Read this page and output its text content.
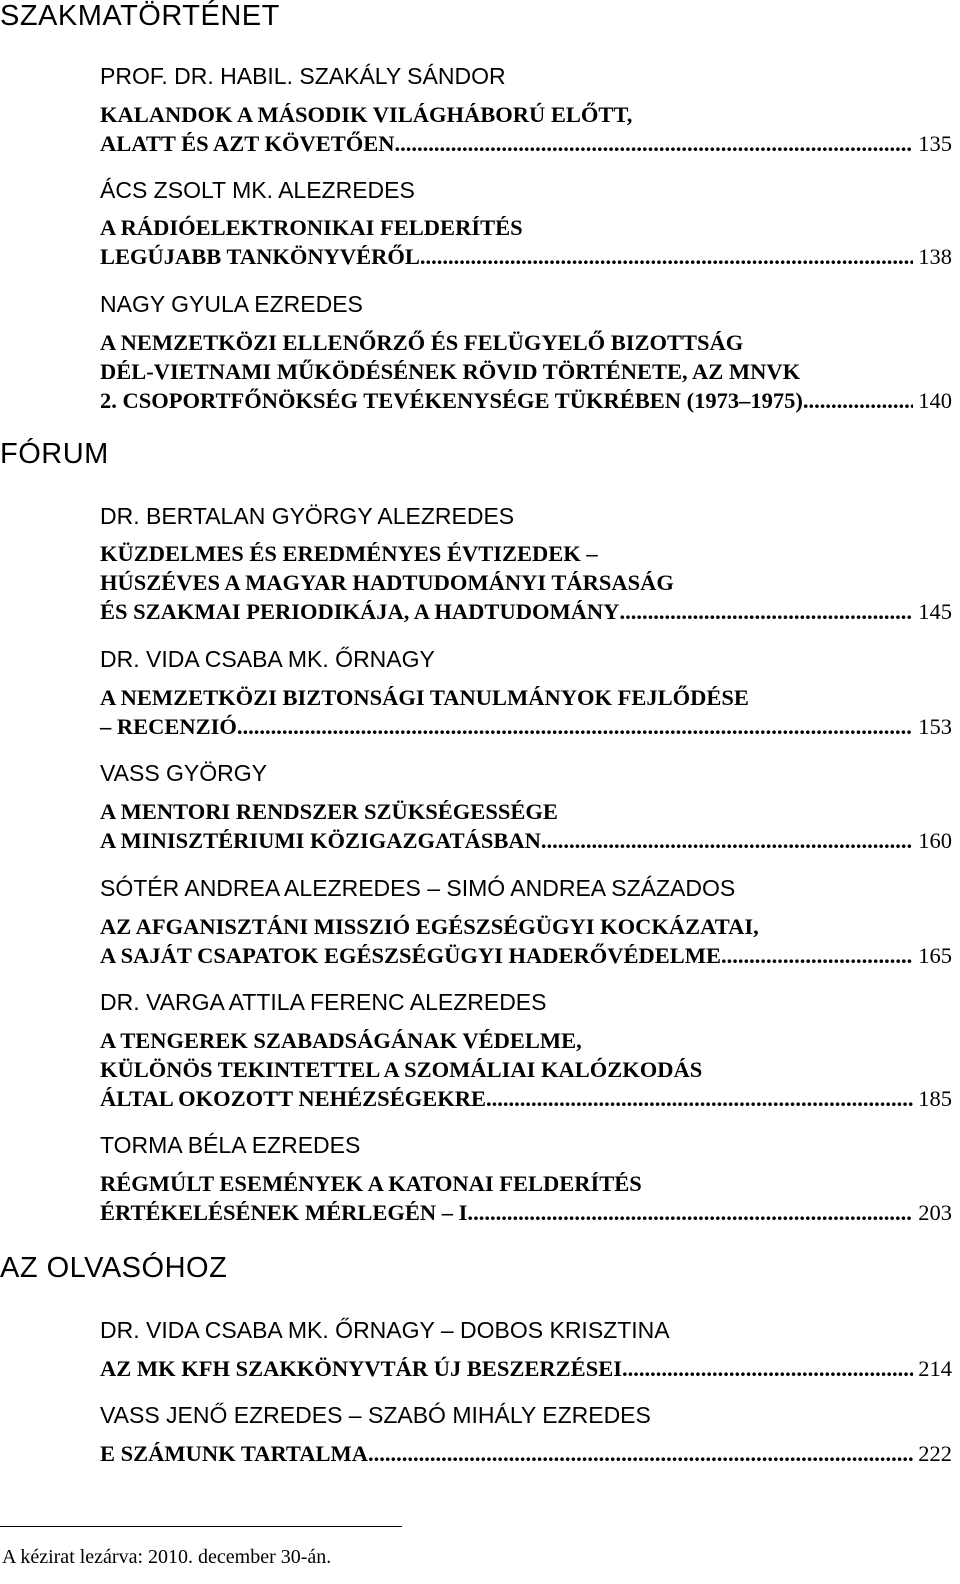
SZAKMATÖRTÉNET
FÓRUM
AZ OLVASÓHOZ
PROF. DR. HABIL. SZAKÁLY SÁNDOR
KALANDOK A MÁSODIK VILÁGHÁBORÚ ELŐTT,
ALATT ÉS AZT KÖVETŐEN .....	135
ÁCS ZSOLT MK. ALEZREDES
A RÁDIÓELEKTRONIKAI FELDERÍTÉS
LEGÚJABB TANKÖNYVÉRŐL .....	138
NAGY GYULA EZREDES
A NEMZETKÖZI ELLENŐRZŐ ÉS FELÜGYELŐ BIZOTTSÁG
DÉL-VIETNAMI MŰKÖDÉSÉNEK RÖVID TÖRTÉNETE, AZ MNVK
2. CSOPORTFŐNÖKSÉG TEVÉKENYSÉGE TÜKRÉBEN (1973–1975) .....	140
DR. BERTALAN GYÖRGY ALEZREDES
KÜZDELMES ÉS EREDMÉNYES ÉVTIZEDEK –
HÚSZÉVES A MAGYAR HADTUDOMÁNYI TÁRSASÁG
ÉS SZAKMAI PERIODIKÁJA, A HADTUDOMÁNY .....	145
DR. VIDA CSABA MK. ŐRNAGY
A NEMZETKÖZI BIZTONSÁGI TANULMÁNYOK FEJLŐDÉSE
– RECENZIÓ .....	153
VASS GYÖRGY
A MENTORI RENDSZER SZÜKSÉGESSÉGE
A MINISZTÉRIUMI KÖZIGAZGATÁSBAN .....	160
SÓTÉR ANDREA ALEZREDES – SIMÓ ANDREA SZÁZADOS
AZ AFGANISZTÁNI MISSZIÓ EGÉSZSÉGÜGYI KOCKÁZATAI,
A SAJÁT CSAPATOK EGÉSZSÉGÜGYI HADERŐVÉDELME .....	165
DR. VARGA ATTILA FERENC ALEZREDES
A TENGEREK SZABADSÁGÁNAK VÉDELME,
KÜLÖNÖS TEKINTETTEL A SZOMÁLIAI KALÓZKODÁS
ÁLTAL OKOZOTT NEHÉZSÉGEKRE .....	185
TORMA BÉLA EZREDES
RÉGMÚLT ESEMÉNYEK A KATONAI FELDERÍTÉS
ÉRTÉKELÉSÉNEK MÉRLEGÉN – I. .....	203
DR. VIDA CSABA MK. ŐRNAGY – DOBOS KRISZTINA
AZ MK KFH SZAKKÖNYVTÁR ÚJ BESZERZÉSEI .....	214
VASS JENŐ EZREDES – SZABÓ MIHÁLY EZREDES
E SZÁMUNK TARTALMA .....	222
A kézirat lezárva: 2010. december 30-án.
